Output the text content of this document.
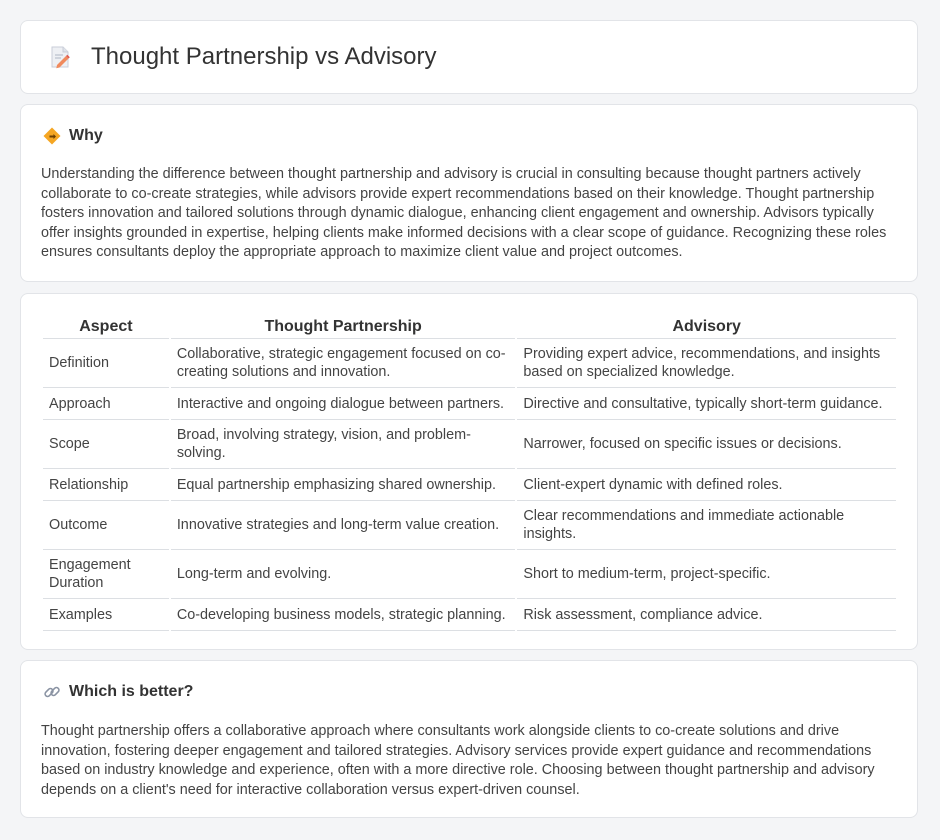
Thought Partnership vs Advisory
Why

Understanding the difference between thought partnership and advisory is crucial in consulting because thought partners actively collaborate to co-create strategies, while advisors provide expert recommendations based on their knowledge. Thought partnership fosters innovation and tailored solutions through dynamic dialogue, enhancing client engagement and ownership. Advisors typically offer insights grounded in expertise, helping clients make informed decisions with a clear scope of guidance. Recognizing these roles ensures consultants deploy the appropriate approach to maximize client value and project outcomes.

Aspect	Thought Partnership	Advisory
Definition	Collaborative, strategic engagement focused on co-creating solutions and innovation.	Providing expert advice, recommendations, and insights based on specialized knowledge.
Approach	Interactive and ongoing dialogue between partners.	Directive and consultative, typically short-term guidance.
Scope	Broad, involving strategy, vision, and problem-solving.	Narrower, focused on specific issues or decisions.
Relationship	Equal partnership emphasizing shared ownership.	Client-expert dynamic with defined roles.
Outcome	Innovative strategies and long-term value creation.	Clear recommendations and immediate actionable insights.
Engagement Duration	Long-term and evolving.	Short to medium-term, project-specific.
Examples	Co-developing business models, strategic planning.	Risk assessment, compliance advice.
Which is better?

Thought partnership offers a collaborative approach where consultants work alongside clients to co-create solutions and drive innovation, fostering deeper engagement and tailored strategies. Advisory services provide expert guidance and recommendations based on industry knowledge and experience, often with a more directive role. Choosing between thought partnership and advisory depends on a client's need for interactive collaboration versus expert-driven counsel.
